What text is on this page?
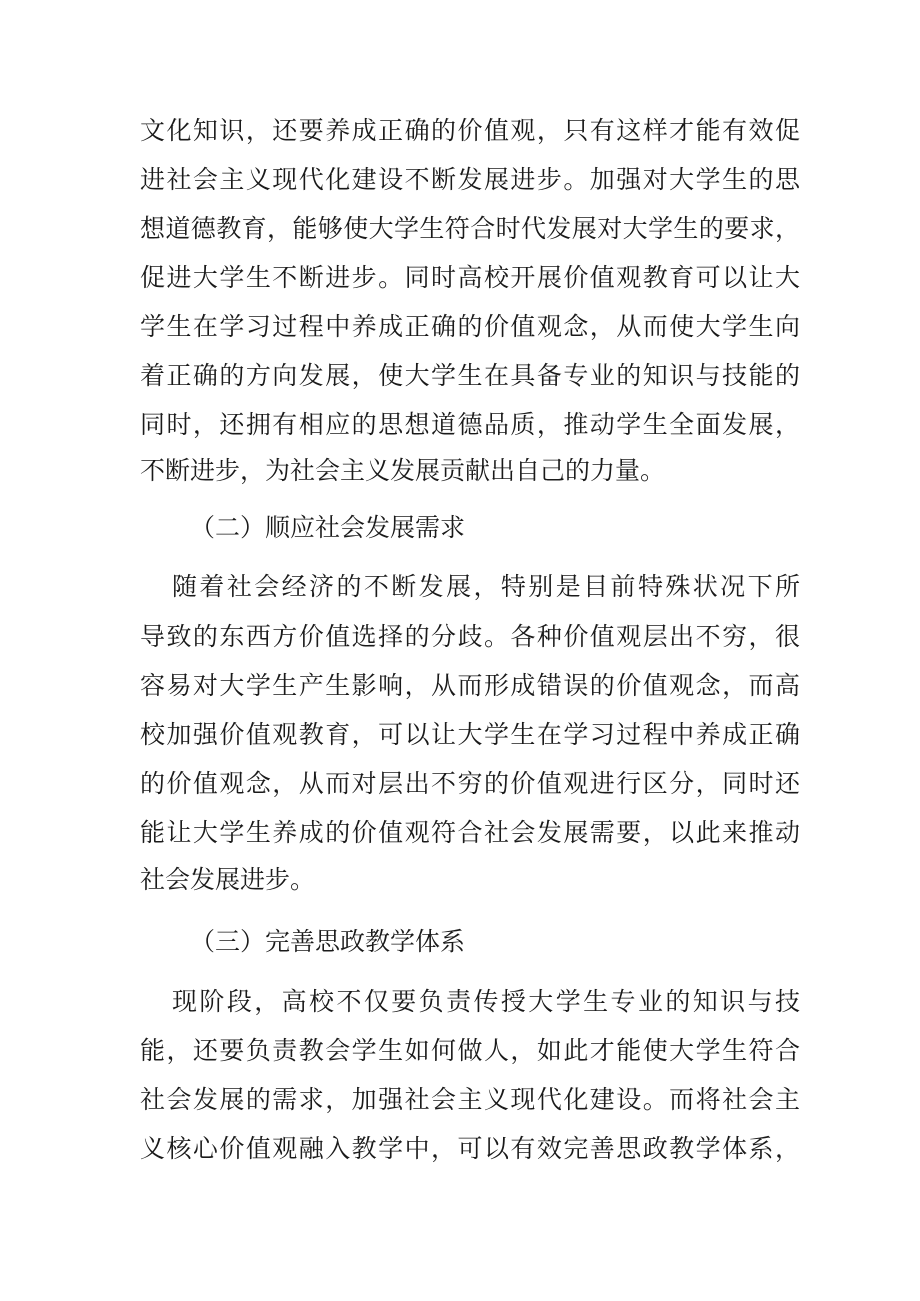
文化知识，还要养成正确的价值观，只有这样才能有效促
进社会主义现代化建设不断发展进步。加强对大学生的思
想道德教育，能够使大学生符合时代发展对大学生的要求，
促进大学生不断进步。同时高校开展价值观教育可以让大
学生在学习过程中养成正确的价值观念，从而使大学生向
着正确的方向发展，使大学生在具备专业的知识与技能的
同时，还拥有相应的思想道德品质，推动学生全面发展，
不断进步，为社会主义发展贡献出自己的力量。
（二）顺应社会发展需求
随着社会经济的不断发展，特别是目前特殊状况下所
导致的东西方价值选择的分歧。各种价值观层出不穷，很
容易对大学生产生影响，从而形成错误的价值观念，而高
校加强价值观教育，可以让大学生在学习过程中养成正确
的价值观念，从而对层出不穷的价值观进行区分，同时还
能让大学生养成的价值观符合社会发展需要，以此来推动
社会发展进步。
（三）完善思政教学体系
现阶段，高校不仅要负责传授大学生专业的知识与技
能，还要负责教会学生如何做人，如此才能使大学生符合
社会发展的需求，加强社会主义现代化建设。而将社会主
义核心价值观融入教学中，可以有效完善思政教学体系，
